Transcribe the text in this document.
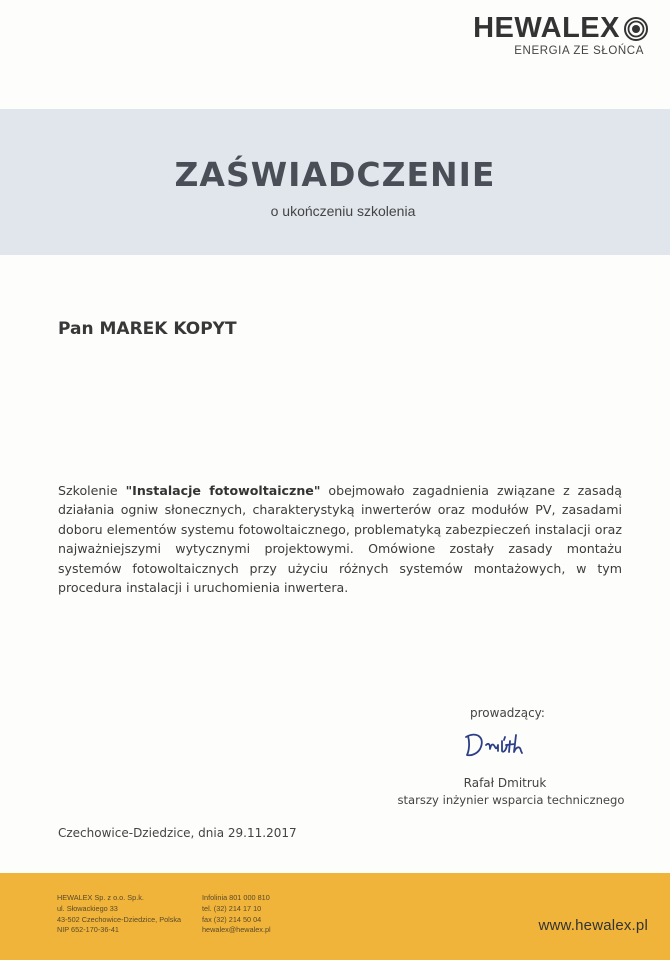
HEWALEX
ENERGIA ZE SŁOŃCA
ZAŚWIADCZENIE
o ukończeniu szkolenia
Pan MAREK KOPYT

Szkolenie "Instalacje fotowoltaiczne" obejmowało zagadnienia związane z zasadą działania ogniw słonecznych, charakterystyką inwerterów oraz modułów PV, zasadami doboru elementów systemu fotowoltaicznego, problematyką zabezpieczeń instalacji oraz najważniejszymi wytycznymi projektowymi. Omówione zostały zasady montażu systemów fotowoltaicznych przy użyciu różnych systemów montażowych, w tym procedura instalacji i uruchomienia inwertera.

prowadzący:
Rafał Dmitruk
starszy inżynier wsparcia technicznego
Czechowice-Dziedzice, dnia 29.11.2017
HEWALEX Sp. z o.o. Sp.k.
ul. Słowackiego 33
43-502 Czechowice-Dziedzice, Polska
NIP 652-170-36-41
Infolinia 801 000 810
tel. (32) 214 17 10
fax (32) 214 50 04
hewalex@hewalex.pl	www.hewalex.pl
